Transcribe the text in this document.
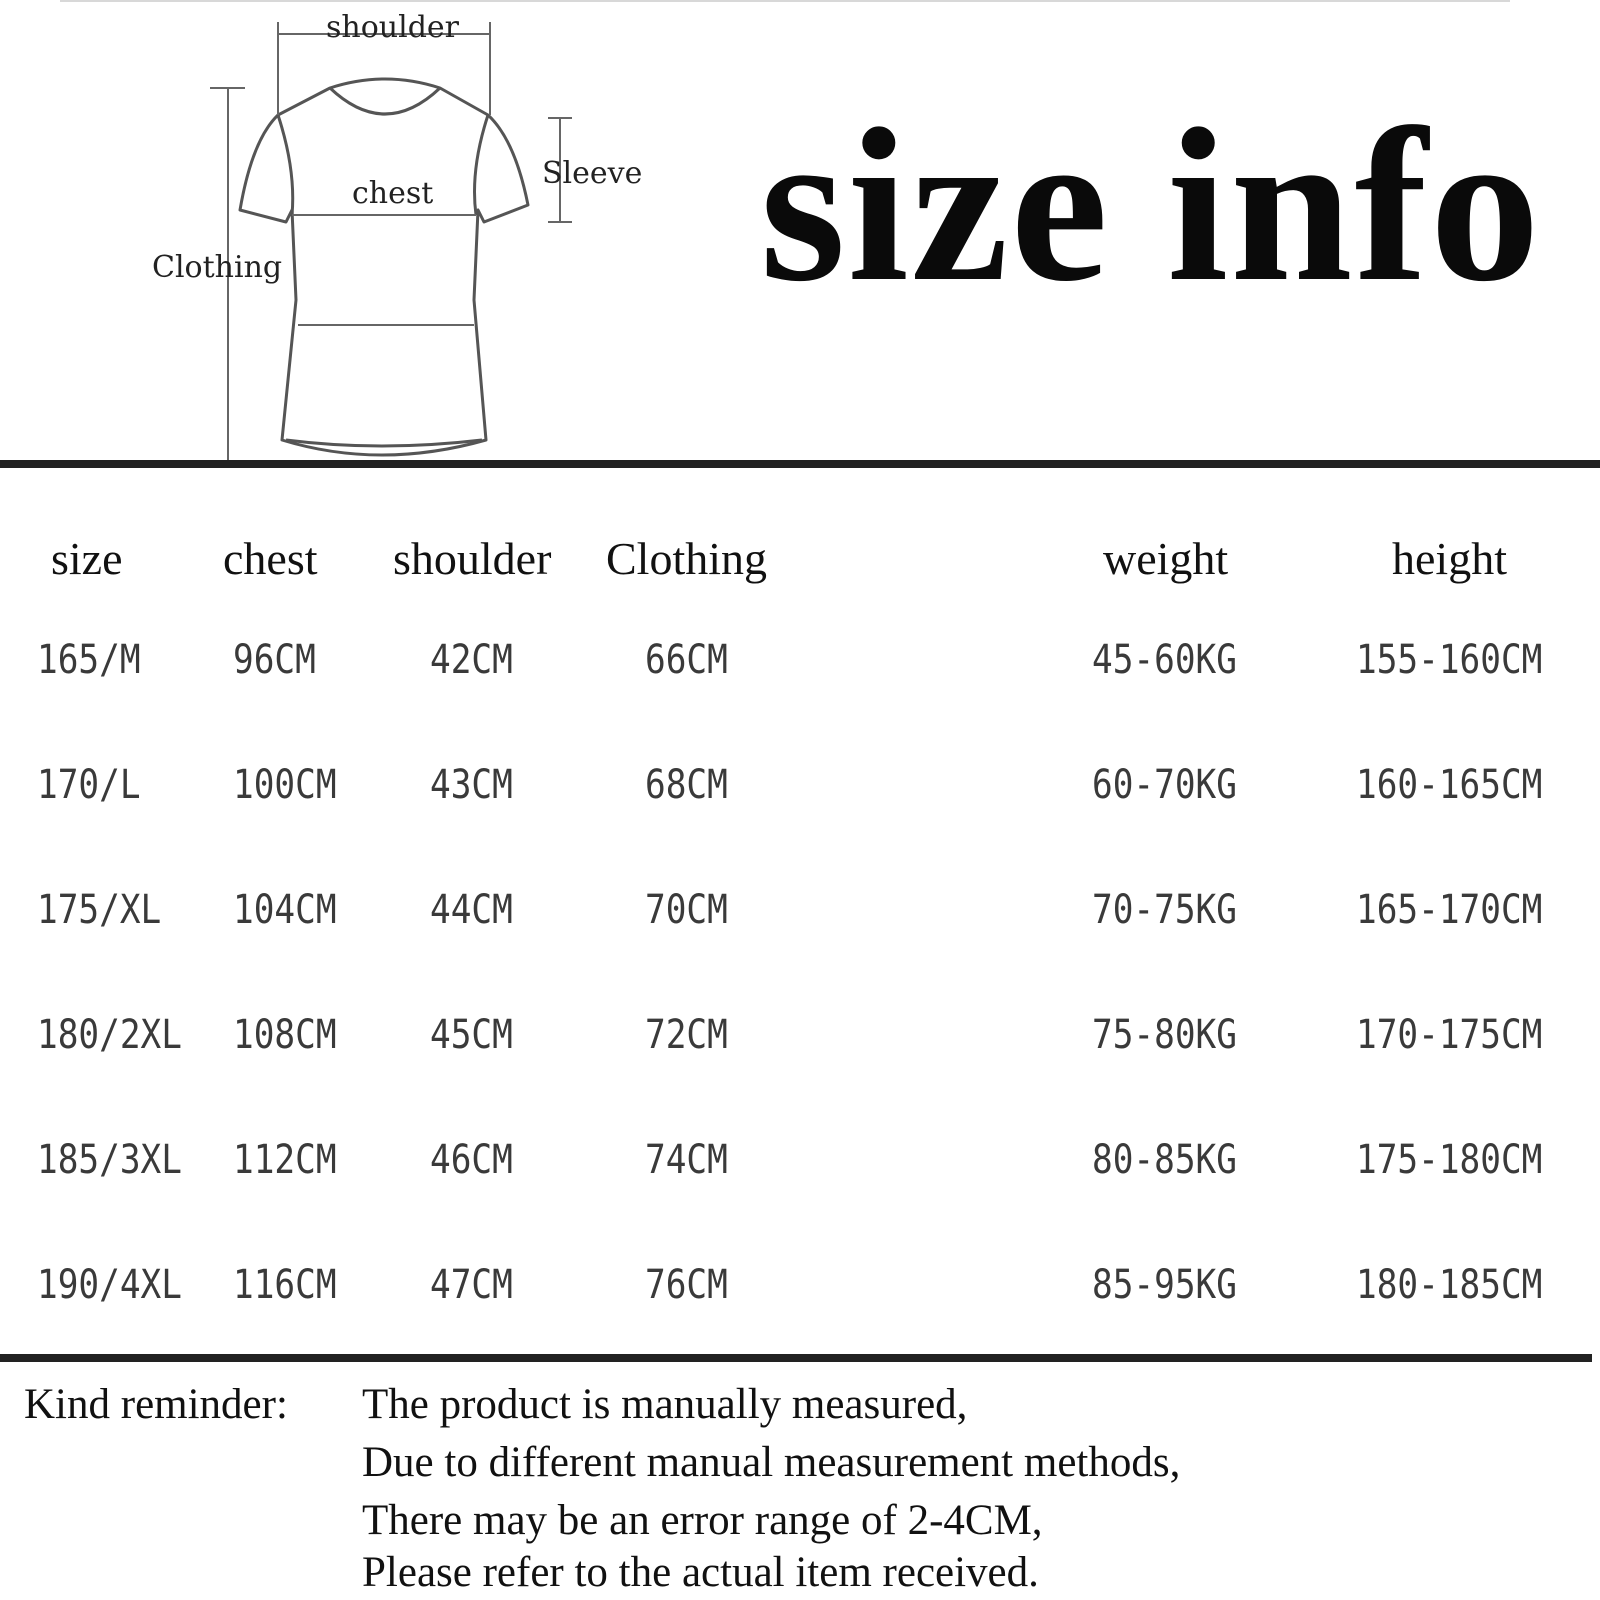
shoulder
Sleeve
chest
Clothing size info
size chest shoulder Clothing	weight	height
165/M 96CM	42CM	66CM	45-60KG	155-160CM
170/L 100CM 43CM	68CM	60-70KG	160-165CM
175/XL 104CM 44CM	70CM	70-75KG	165-170CM
180/2XL 108CM 45CM	72CM	75-80KG	170-175CM
185/3XL 112CM 46CM	74CM	80-85KG	175-180CM
190/4XL 116CM 47CM	76CM	85-95KG	180-185CM
Kind reminder: The product is manually measured,
Due to different manual measurement methods,
There may be an error range of 2-4CM,
Please refer to the actual item received.
